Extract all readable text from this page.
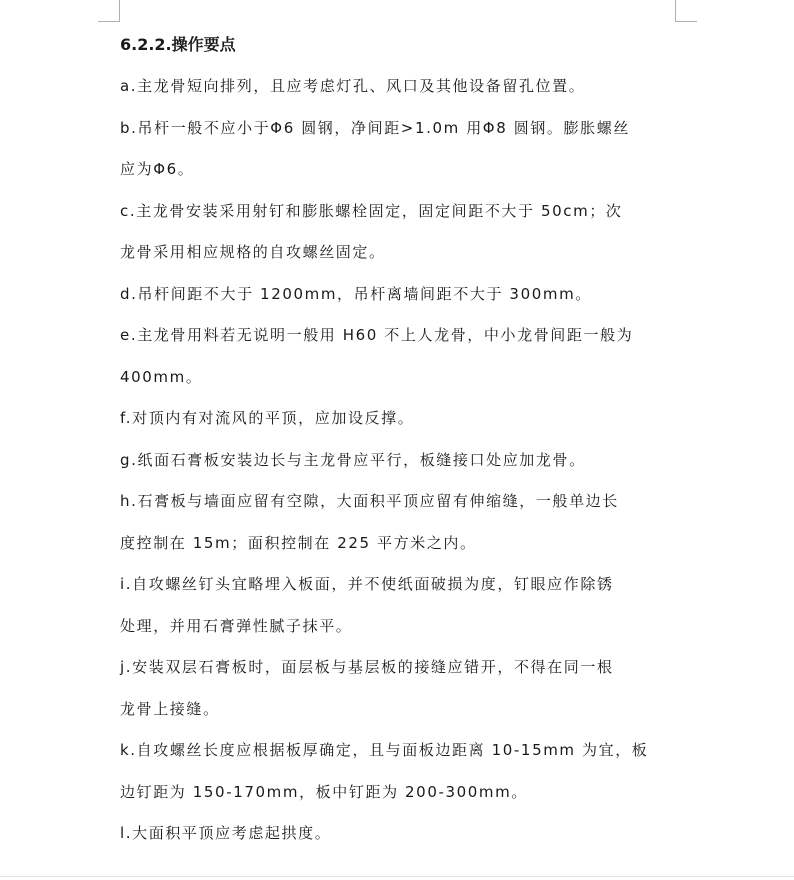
6.2.2.操作要点

a.主龙骨短向排列，且应考虑灯孔、风口及其他设备留孔位置。

b.吊杆一般不应小于Φ6 圆钢，净间距>1.0m 用Φ8 圆钢。膨胀螺丝
应为Φ6。

c.主龙骨安装采用射钉和膨胀螺栓固定，固定间距不大于 50cm；次
龙骨采用相应规格的自攻螺丝固定。

d.吊杆间距不大于 1200mm，吊杆离墙间距不大于 300mm。

e.主龙骨用料若无说明一般用 H60 不上人龙骨，中小龙骨间距一般为
400mm。

f.对顶内有对流风的平顶，应加设反撑。

g.纸面石膏板安装边长与主龙骨应平行，板缝接口处应加龙骨。

h.石膏板与墙面应留有空隙，大面积平顶应留有伸缩缝，一般单边长
度控制在 15m；面积控制在 225 平方米之内。

i.自攻螺丝钉头宜略埋入板面，并不使纸面破损为度，钉眼应作除锈
处理，并用石膏弹性腻子抹平。

j.安装双层石膏板时，面层板与基层板的接缝应错开，不得在同一根
龙骨上接缝。

k.自攻螺丝长度应根据板厚确定，且与面板边距离 10-15mm 为宜，板
边钉距为 150-170mm，板中钉距为 200-300mm。

l.大面积平顶应考虑起拱度。
